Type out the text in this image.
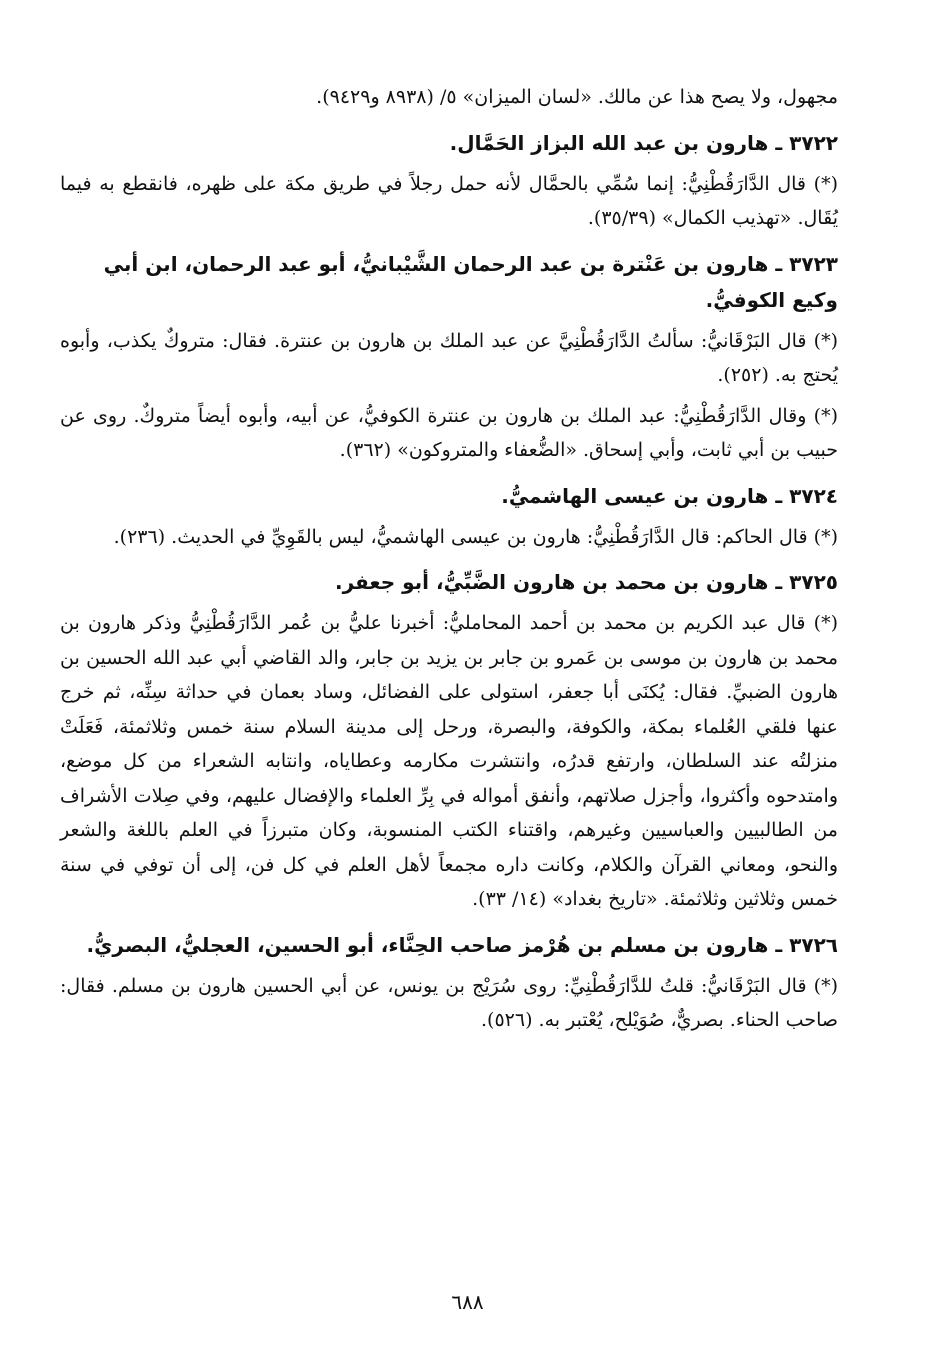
مجهول، ولا يصح هذا عن مالك. «لسان الميزان» ٥/ (٨٩٣٨ و٩٤٢٩).

٣٧٢٢ ـ هارون بن عبد الله البزاز الحَمَّال.

(*) قال الدَّارَقُطْنِيُّ: إنما سُمِّي بالحمَّال لأنه حمل رجلاً في طريق مكة على ظهره، فانقطع به فيما يُقَال. «تهذيب الكمال» (٣٥/٣٩).

٣٧٢٣ ـ هارون بن عَنْترة بن عبد الرحمان الشَّيْبانيُّ، أبو عبد الرحمان، ابن أبي وكيع الكوفيُّ.

(*) قال البَرْقَانيُّ: سألتُ الدَّارَقُطْنِيَّ عن عبد الملك بن هارون بن عنترة. فقال: متروكٌ يكذب، وأبوه يُحتج به. (٢٥٢).

(*) وقال الدَّارَقُطْنِيُّ: عبد الملك بن هارون بن عنترة الكوفيُّ، عن أبيه، وأبوه أيضاً متروكٌ. روى عن حبيب بن أبي ثابت، وأبي إسحاق. «الضُّعفاء والمتروكون» (٣٦٢).

٣٧٢٤ ـ هارون بن عيسى الهاشميُّ.

(*) قال الحاكم: قال الدَّارَقُطْنِيُّ: هارون بن عيسى الهاشميُّ، ليس بالقَوِيِّ في الحديث. (٢٣٦).

٣٧٢٥ ـ هارون بن محمد بن هارون الضَّبِّيُّ، أبو جعفر.

(*) قال عبد الكريم بن محمد بن أحمد المحامليُّ: أخبرنا عليُّ بن عُمر الدَّارَقُطْنِيُّ وذكر هارون بن محمد بن هارون بن موسى بن عَمرو بن جابر بن يزيد بن جابر، والد القاضي أبي عبد الله الحسين بن هارون الضبيِّ. فقال: يُكنَى أبا جعفر، استولى على الفضائل، وساد بعمان في حداثة سِنِّه، ثم خرج عنها فلقي العُلماء بمكة، والكوفة، والبصرة، ورحل إلى مدينة السلام سنة خمس وثلاثمئة، فَعَلَتْ منزلتُه عند السلطان، وارتفع قدرُه، وانتشرت مكارمه وعطاياه، وانتابه الشعراء من كل موضع، وامتدحوه وأكثروا، وأجزل صلاتهم، وأنفق أمواله في بِرِّ العلماء والإفضال عليهم، وفي صِلات الأشراف من الطالبيين والعباسيين وغيرهم، واقتناء الكتب المنسوبة، وكان متبرزاً في العلم باللغة والشعر والنحو، ومعاني القرآن والكلام، وكانت داره مجمعاً لأهل العلم في كل فن، إلى أن توفي في سنة خمس وثلاثين وثلاثمئة. «تاريخ بغداد» (١٤/ ٣٣).

٣٧٢٦ ـ هارون بن مسلم بن هُرْمز صاحب الحِنَّاء، أبو الحسين، العجليُّ، البصريُّ.

(*) قال البَرْقَانيُّ: قلتُ للدَّارَقُطْنِيِّ: روى سُرَيْج بن يونس، عن أبي الحسين هارون بن مسلم. فقال: صاحب الحناء. بصريٌّ، صُوَيْلح، يُعْتبر به. (٥٢٦).

٦٨٨
